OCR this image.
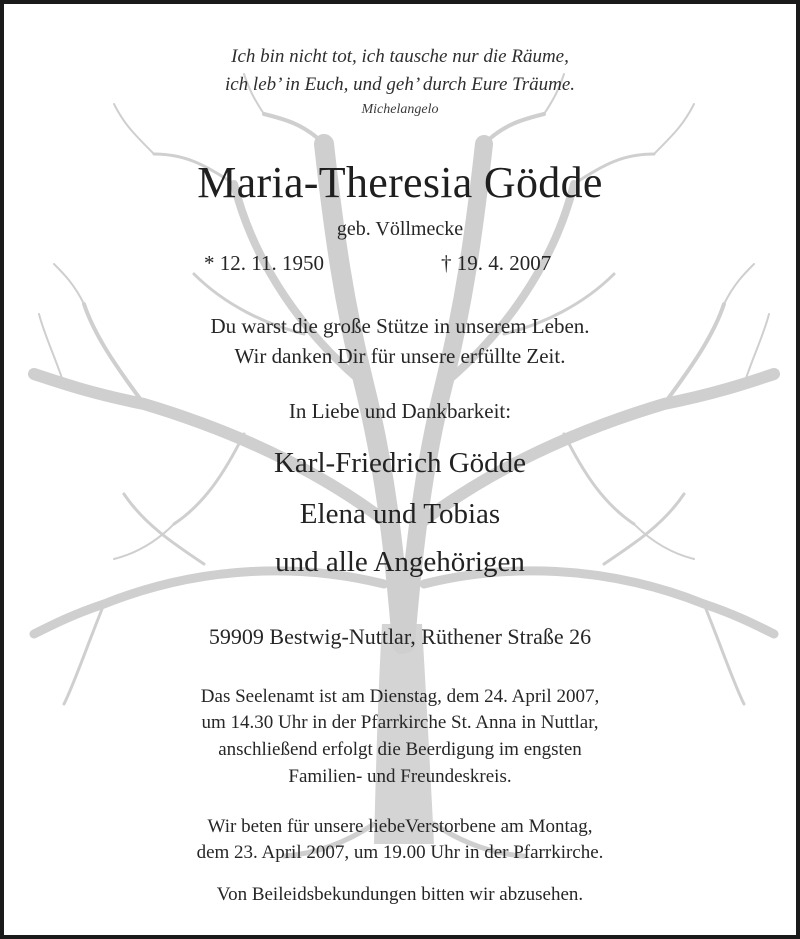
Ich bin nicht tot, ich tausche nur die Räume,
ich leb’ in Euch, und geh’ durch Eure Träume.
Michelangelo
Maria-Theresia Gödde
geb. Völlmecke
* 12. 11. 1950	† 19. 4. 2007
Du warst die große Stütze in unserem Leben.
Wir danken Dir für unsere erfüllte Zeit.
In Liebe und Dankbarkeit:
Karl-Friedrich Gödde
Elena und Tobias
und alle Angehörigen
59909 Bestwig-Nuttlar, Rüthener Straße 26
Das Seelenamt ist am Dienstag, dem 24. April 2007,
um 14.30 Uhr in der Pfarrkirche St. Anna in Nuttlar,
anschließend erfolgt die Beerdigung im engsten
Familien- und Freundeskreis.
Wir beten für unsere liebeVerstorbene am Montag,
dem 23. April 2007, um 19.00 Uhr in der Pfarrkirche.
Von Beileidsbekundungen bitten wir abzusehen.
